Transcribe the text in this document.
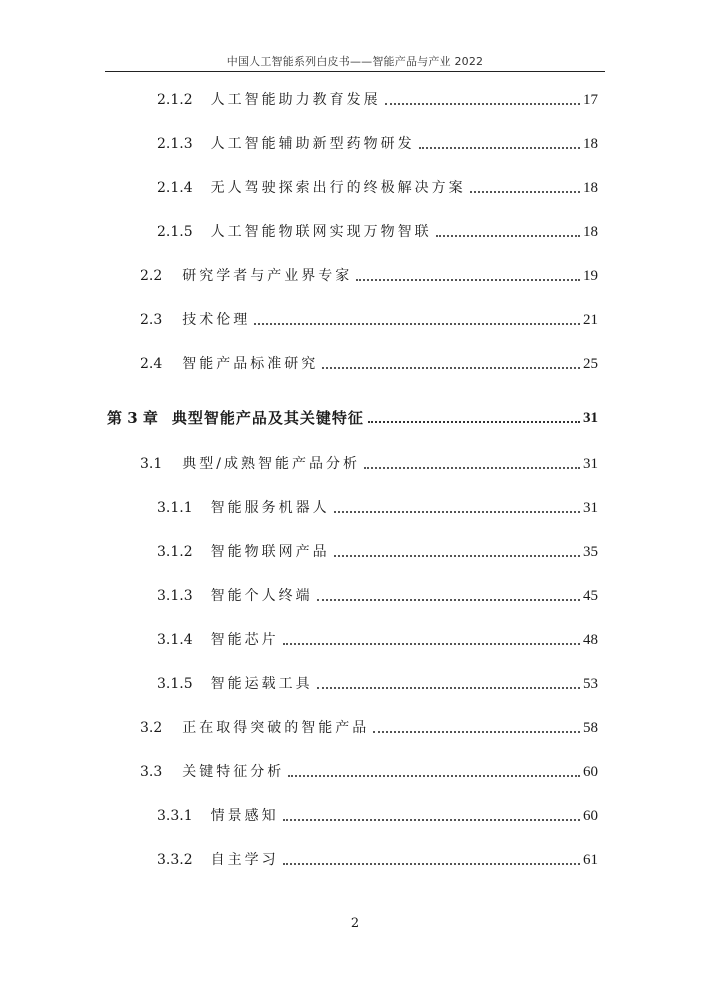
中国人工智能系列白皮书——智能产品与产业 2022
2.1.2 人工智能助力教育发展	17
2.1.3 人工智能辅助新型药物研发	18
2.1.4 无人驾驶探索出行的终极解决方案	18
2.1.5 人工智能物联网实现万物智联	18
2.2 研究学者与产业界专家	19
2.3 技术伦理	21
2.4 智能产品标准研究	25
第 3 章 典型智能产品及其关键特征	31
3.1 典型/成熟智能产品分析	31
3.1.1 智能服务机器人	31
3.1.2 智能物联网产品	35
3.1.3 智能个人终端	45
3.1.4 智能芯片	48
3.1.5 智能运载工具	53
3.2 正在取得突破的智能产品	58
3.3 关键特征分析	60
3.3.1 情景感知	60
3.3.2 自主学习	61
2
